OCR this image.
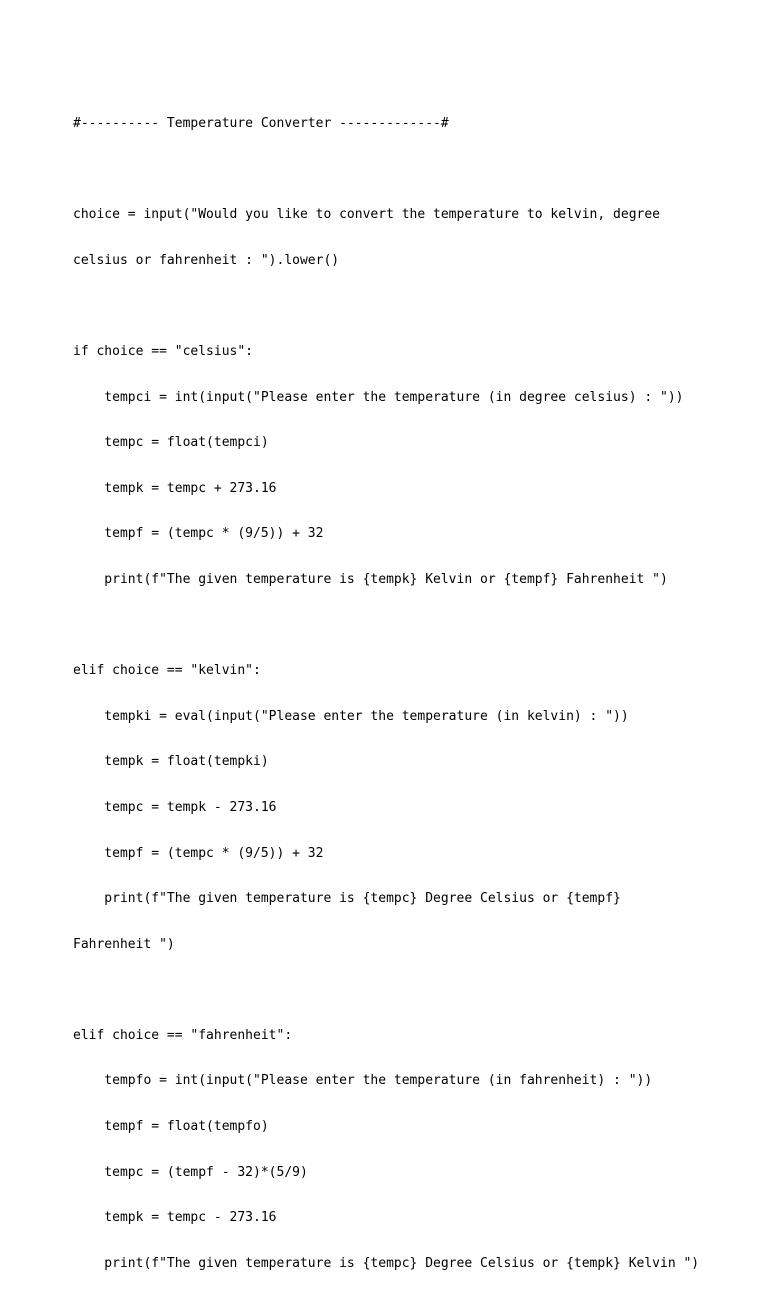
#---------- Temperature Converter -------------#

choice = input("Would you like to convert the temperature to kelvin, degree

celsius or fahrenheit : ").lower()

if choice == "celsius":

tempci = int(input("Please enter the temperature (in degree celsius) : "))

tempc = float(tempci)

tempk = tempc + 273.16

tempf = (tempc * (9/5)) + 32

print(f"The given temperature is {tempk} Kelvin or {tempf} Fahrenheit ")

elif choice == "kelvin":

tempki = eval(input("Please enter the temperature (in kelvin) : "))

tempk = float(tempki)

tempc = tempk - 273.16

tempf = (tempc * (9/5)) + 32

print(f"The given temperature is {tempc} Degree Celsius or {tempf}

Fahrenheit ")

elif choice == "fahrenheit":

tempfo = int(input("Please enter the temperature (in fahrenheit) : "))

tempf = float(tempfo)

tempc = (tempf - 32)*(5/9)

tempk = tempc - 273.16

print(f"The given temperature is {tempc} Degree Celsius or {tempk} Kelvin ")
